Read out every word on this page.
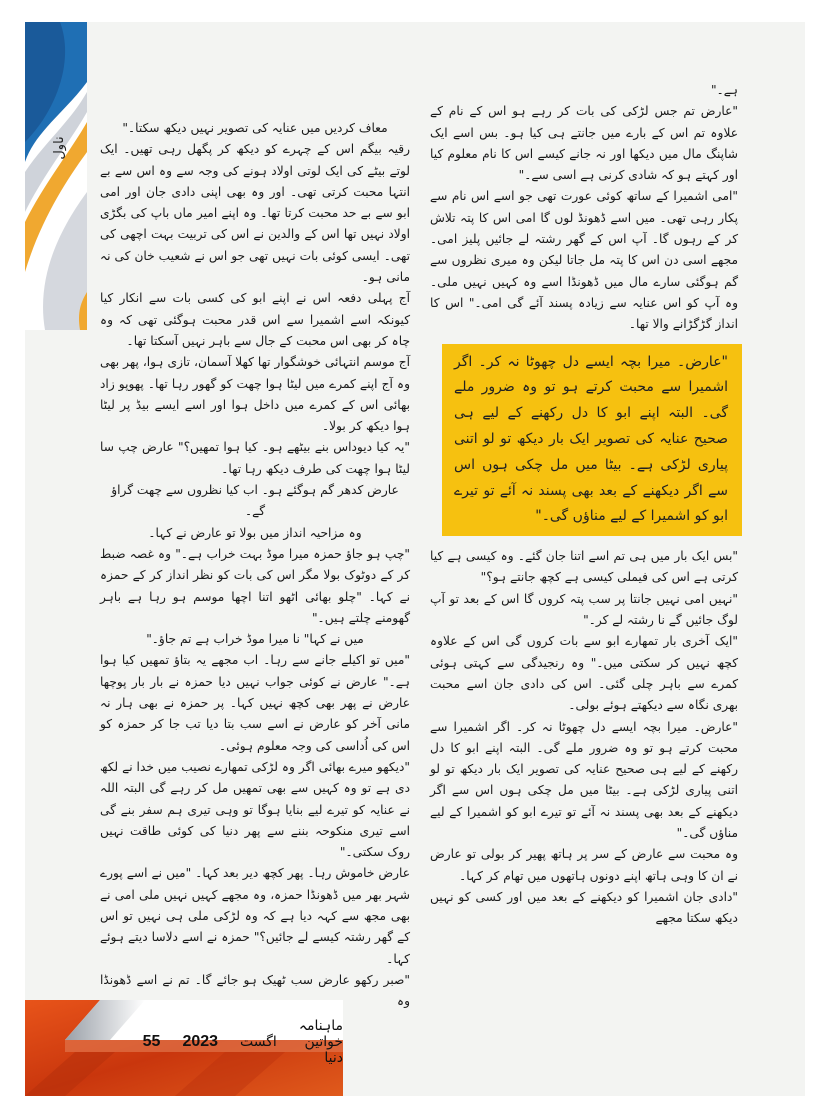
ناول

معاف کردیں میں عنایہ کی تصویر نہیں دیکھ سکتا۔"

رقیہ بیگم اس کے چہرے کو دیکھ کر پگھل رہی تھیں۔ ایک لوتے بیٹے کی ایک لوتی اولاد ہونے کی وجہ سے وہ اس سے بے انتہا محبت کرتی تھی۔ اور وہ بھی اپنی دادی جان اور امی ابو سے بے حد محبت کرتا تھا۔ وہ اپنے امیر ماں باپ کی بگڑی اولاد نہیں تھا اس کے والدین نے اس کی تربیت بہت اچھی کی تھی۔ ایسی کوئی بات نہیں تھی جو اس نے شعیب خان کی نہ مانی ہو۔

آج پہلی دفعہ اس نے اپنے ابو کی کسی بات سے انکار کیا کیونکہ اسے اشمیرا سے اس قدر محبت ہوگئی تھی کہ وہ چاہ کر بھی اس محبت کے جال سے باہر نہیں آسکتا تھا۔

آج موسم انتہائی خوشگوار تھا کھلا آسمان، تازی ہوا، پھر بھی وہ آج اپنے کمرے میں لیٹا ہوا چھت کو گھور رہا تھا۔ پھوپو زاد بھائی اس کے کمرے میں داخل ہوا اور اسے ایسے بیڈ پر لیٹا ہوا دیکھ کر بولا۔

"یہ کیا دیوداس بنے بیٹھے ہو۔ کیا ہوا تمھیں؟" عارض چپ سا لیٹا ہوا چھت کی طرف دیکھ رہا تھا۔

عارض کدھر گم ہوگئے ہو۔ اب کیا نظروں سے چھت گراؤ گے۔

وہ مزاحیہ انداز میں بولا تو عارض نے کہا۔

"چپ ہو جاؤ حمزہ میرا موڈ بہت خراب ہے۔" وہ غصہ ضبط کر کے دوٹوک بولا مگر اس کی بات کو نظر انداز کر کے حمزہ نے کہا۔ "چلو بھائی اٹھو اتنا اچھا موسم ہو رہا ہے باہر گھومنے چلتے ہیں۔"

میں نے کہا" نا میرا موڈ خراب ہے تم جاؤ۔"

"میں تو اکیلے جانے سے رہا۔ اب مجھے یہ بتاؤ تمھیں کیا ہوا ہے۔" عارض نے کوئی جواب نہیں دیا حمزہ نے بار بار پوچھا عارض نے پھر بھی کچھ نہیں کہا۔ پر حمزہ نے بھی ہار نہ مانی آخر کو عارض نے اسے سب بتا دیا تب جا کر حمزہ کو اس کی اُداسی کی وجہ معلوم ہوئی۔

"دیکھو میرے بھائی اگر وہ لڑکی تمھارے نصیب میں خدا نے لکھ دی ہے تو وہ کہیں سے بھی تمھیں مل کر رہے گی البتہ اللہ نے عنایہ کو تیرے لیے بنایا ہوگا تو وہی تیری ہم سفر بنے گی اسے تیری منکوحہ بننے سے پھر دنیا کی کوئی طاقت نہیں روک سکتی۔"

عارض خاموش رہا۔ پھر کچھ دیر بعد کہا۔ "میں نے اسے پورے شہر بھر میں ڈھونڈا حمزہ، وہ مجھے کہیں نہیں ملی امی نے بھی مجھ سے کہہ دیا ہے کہ وہ لڑکی ملی ہی نہیں تو اس کے گھر رشتہ کیسے لے جائیں؟" حمزہ نے اسے دلاسا دیتے ہوئے کہا۔

"صبر رکھو عارض سب ٹھیک ہو جائے گا۔ تم نے اسے ڈھونڈا وہ

ہے۔"

"عارض تم جس لڑکی کی بات کر رہے ہو اس کے نام کے علاوہ تم اس کے بارے میں جانتے ہی کیا ہو۔ بس اسے ایک شاپنگ مال میں دیکھا اور نہ جانے کیسے اس کا نام معلوم کیا اور کہتے ہو کہ شادی کرنی ہے اسی سے۔"

"امی اشمیرا کے ساتھ کوئی عورت تھی جو اسے اس نام سے پکار رہی تھی۔ میں اسے ڈھونڈ لوں گا امی اس کا پتہ تلاش کر کے رہوں گا۔ آپ اس کے گھر رشتہ لے جائیں پلیز امی۔ مجھے اسی دن اس کا پتہ مل جاتا لیکن وہ میری نظروں سے گم ہوگئی سارے مال میں ڈھونڈا اسے وہ کہیں نہیں ملی۔ وہ آپ کو اس عنایہ سے زیادہ پسند آئے گی امی۔" اس کا انداز گڑگڑانے والا تھا۔

"عارض۔ میرا بچہ ایسے دل چھوٹا نہ کر۔ اگر اشمیرا سے محبت کرتے ہو تو وہ ضرور ملے گی۔ البتہ اپنے ابو کا دل رکھنے کے لیے ہی صحیح عنایہ کی تصویر ایک بار دیکھ تو لو اتنی پیاری لڑکی ہے۔ بیٹا میں مل چکی ہوں اس سے اگر دیکھنے کے بعد بھی پسند نہ آئے تو تیرے ابو کو اشمیرا کے لیے مناؤں گی۔"

"بس ایک بار میں ہی تم اسے اتنا جان گئے۔ وہ کیسی ہے کیا کرتی ہے اس کی فیملی کیسی ہے کچھ جانتے ہو؟"

"نہیں امی نہیں جانتا پر سب پتہ کروں گا اس کے بعد تو آپ لوگ جائیں گے نا رشتہ لے کر۔"

"ایک آخری بار تمھارے ابو سے بات کروں گی اس کے علاوہ کچھ نہیں کر سکتی میں۔" وہ رنجیدگی سے کہتی ہوئی کمرے سے باہر چلی گئی۔ اس کی دادی جان اسے محبت بھری نگاہ سے دیکھتے ہوئے بولی۔

"عارض۔ میرا بچہ ایسے دل چھوٹا نہ کر۔ اگر اشمیرا سے محبت کرتے ہو تو وہ ضرور ملے گی۔ البتہ اپنے ابو کا دل رکھنے کے لیے ہی صحیح عنایہ کی تصویر ایک بار دیکھ تو لو اتنی پیاری لڑکی ہے۔ بیٹا میں مل چکی ہوں اس سے اگر دیکھنے کے بعد بھی پسند نہ آئے تو تیرے ابو کو اشمیرا کے لیے مناؤں گی۔"

وہ محبت سے عارض کے سر پر ہاتھ پھیر کر بولی تو عارض نے ان کا وہی ہاتھ اپنے دونوں ہاتھوں میں تھام کر کہا۔

"دادی جان اشمیرا کو دیکھنے کے بعد میں اور کسی کو نہیں دیکھ سکتا مجھے

ماہنامہ خواتین دنیا
اگست
2023
55
